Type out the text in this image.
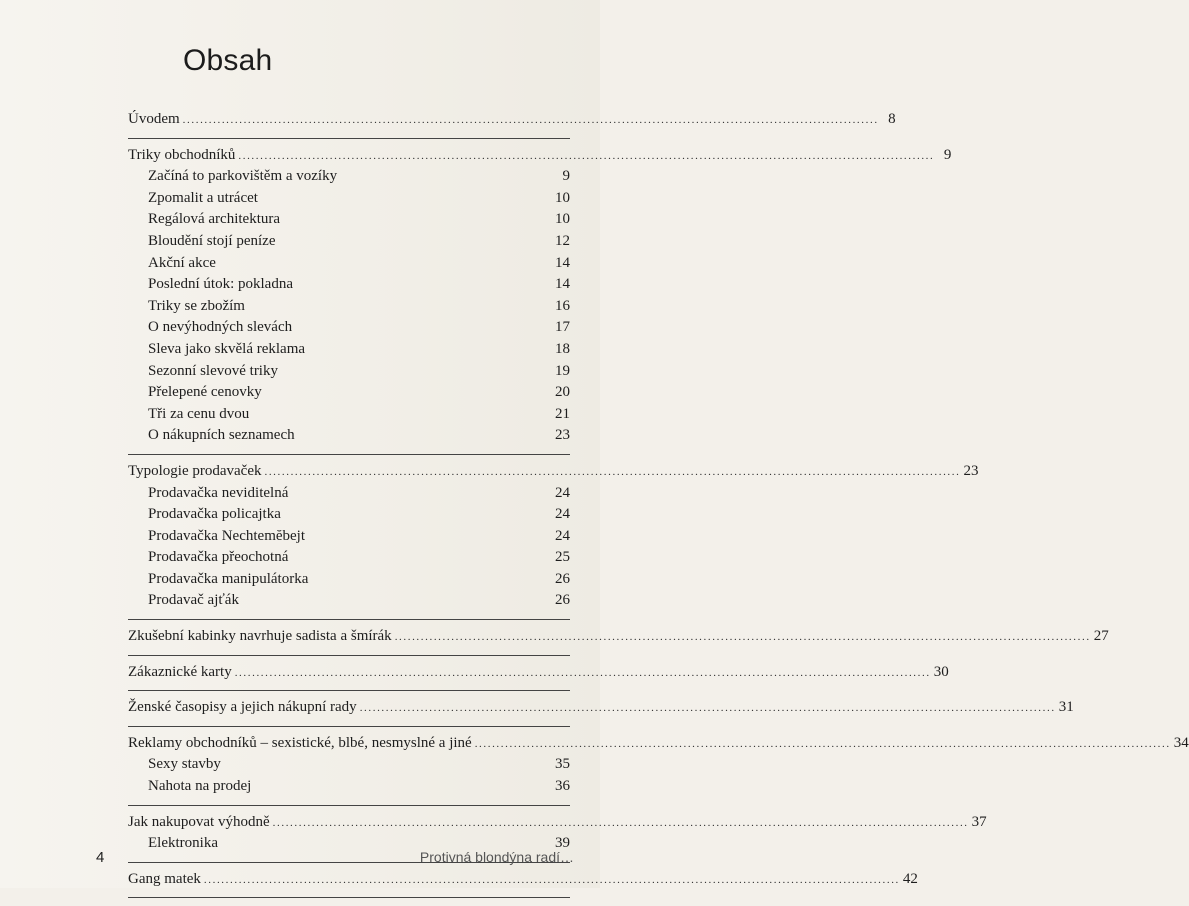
Obsah
Úvodem ................................................................................................................................................................ 8
Triky obchodníků ................................................................................................................................................................ 9
Začíná to parkovištěm a vozíky	9
Zpomalit a utrácet	10
Regálová architektura	10
Bloudění stojí peníze	12
Akční akce	14
Poslední útok: pokladna	14
Triky se zbožím	16
O nevýhodných slevách	17
Sleva jako skvělá reklama	18
Sezonní slevové triky	19
Přelepené cenovky	20
Tři za cenu dvou	21
O nákupních seznamech	23
Typologie prodavaček ................................................................................................................................................................ 23
Prodavačka neviditelná	24
Prodavačka policajtka	24
Prodavačka Nechtemĕbejt	24
Prodavačka přeochotná	25
Prodavačka manipulátorka	26
Prodavač ajťák	26
Zkušební kabinky navrhuje sadista a šmírák ................................................................................................................................................................ 27
Zákaznické karty ................................................................................................................................................................ 30
Ženské časopisy a jejich nákupní rady ................................................................................................................................................................ 31
Reklamy obchodníků – sexistické, blbé, nesmyslné a jiné ................................................................................................................................................................ 34
Sexy stavby	35
Nahota na prodej	36
Jak nakupovat výhodně ................................................................................................................................................................ 37
Elektronika	39
Gang matek ................................................................................................................................................................ 42
4	Protivná blondýna radí…
